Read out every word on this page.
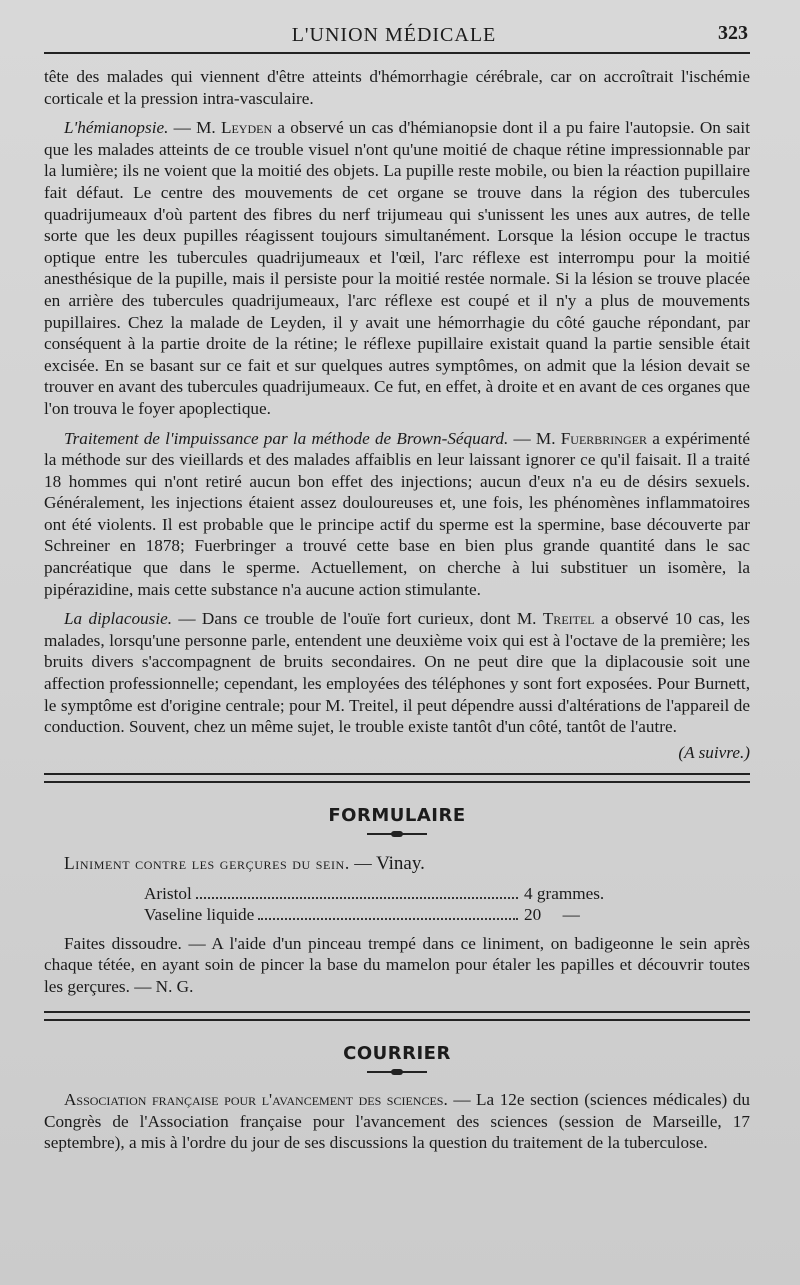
L'UNION MÉDICALE	323

tête des malades qui viennent d'être atteints d'hémorrhagie cérébrale, car on accroîtrait l'ischémie corticale et la pression intra-vasculaire.

L'hémianopsie. — M. Leyden a observé un cas d'hémianopsie dont il a pu faire l'autopsie. On sait que les malades atteints de ce trouble visuel n'ont qu'une moitié de chaque rétine impressionnable par la lumière; ils ne voient que la moitié des objets. La pupille reste mobile, ou bien la réaction pupillaire fait défaut. Le centre des mouvements de cet organe se trouve dans la région des tubercules quadrijumeaux d'où partent des fibres du nerf trijumeau qui s'unissent les unes aux autres, de telle sorte que les deux pupilles réagissent toujours simultanément. Lorsque la lésion occupe le tractus optique entre les tubercules quadrijumeaux et l'œil, l'arc réflexe est interrompu pour la moitié anesthésique de la pupille, mais il persiste pour la moitié restée normale. Si la lésion se trouve placée en arrière des tubercules quadrijumeaux, l'arc réflexe est coupé et il n'y a plus de mouvements pupillaires. Chez la malade de Leyden, il y avait une hémorrhagie du côté gauche répondant, par conséquent à la partie droite de la rétine; le réflexe pupillaire existait quand la partie sensible était excisée. En se basant sur ce fait et sur quelques autres symptômes, on admit que la lésion devait se trouver en avant des tubercules quadrijumeaux. Ce fut, en effet, à droite et en avant de ces organes que l'on trouva le foyer apoplectique.

Traitement de l'impuissance par la méthode de Brown-Séquard. — M. Fuerbringer a expérimenté la méthode sur des vieillards et des malades affaiblis en leur laissant ignorer ce qu'il faisait. Il a traité 18 hommes qui n'ont retiré aucun bon effet des injections; aucun d'eux n'a eu de désirs sexuels. Généralement, les injections étaient assez douloureuses et, une fois, les phénomènes inflammatoires ont été violents. Il est probable que le principe actif du sperme est la spermine, base découverte par Schreiner en 1878; Fuerbringer a trouvé cette base en bien plus grande quantité dans le sac pancréatique que dans le sperme. Actuellement, on cherche à lui substituer un isomère, la pipérazidine, mais cette substance n'a aucune action stimulante.

La diplacousie. — Dans ce trouble de l'ouïe fort curieux, dont M. Treitel a observé 10 cas, les malades, lorsqu'une personne parle, entendent une deuxième voix qui est à l'octave de la première; les bruits divers s'accompagnent de bruits secondaires. On ne peut dire que la diplacousie soit une affection professionnelle; cependant, les employées des téléphones y sont fort exposées. Pour Burnett, le symptôme est d'origine centrale; pour M. Treitel, il peut dépendre aussi d'altérations de l'appareil de conduction. Souvent, chez un même sujet, le trouble existe tantôt d'un côté, tantôt de l'autre.

(A suivre.)

FORMULAIRE

Liniment contre les gerçures du sein. — Vinay.

Aristol	4 grammes.
Vaseline liquide	20     —

Faites dissoudre. — A l'aide d'un pinceau trempé dans ce liniment, on badigeonne le sein après chaque tétée, en ayant soin de pincer la base du mamelon pour étaler les papilles et découvrir toutes les gerçures. — N. G.

COURRIER

Association française pour l'avancement des sciences. — La 12e section (sciences médicales) du Congrès de l'Association française pour l'avancement des sciences (session de Marseille, 17 septembre), a mis à l'ordre du jour de ses discussions la question du traitement de la tuberculose.
